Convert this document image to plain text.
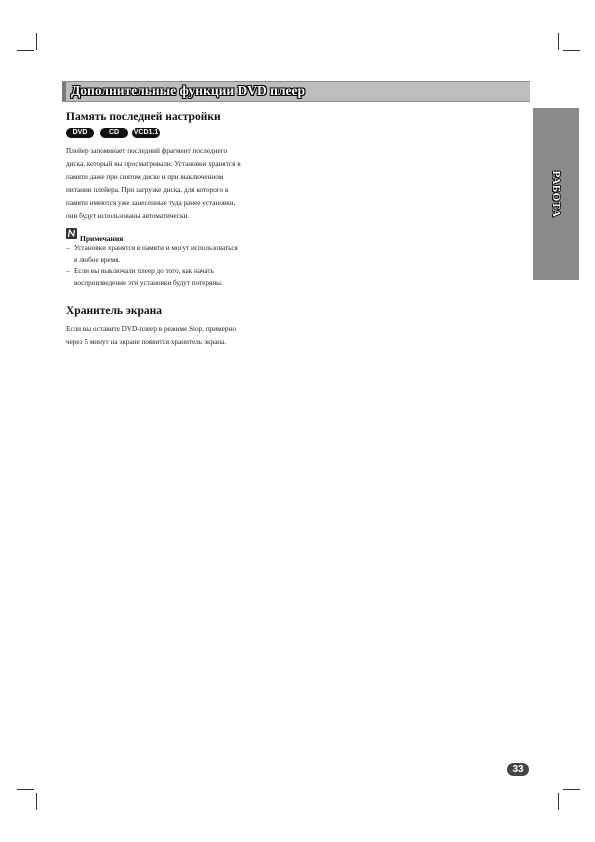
Дополнительные функции DVD плеер
РАБОТА
Память последней настройки
DVD	CD	VCD1.1
Плейер запоминает последний фрагмент последнего
диска, который вы просматривали. Установки хранятся в
памяти даже при снятом диске и при выключенном
питании плейера. При загрузке диска, для которого в
памяти имеются уже занесенные туда ранее установки,
они будут использованы автоматически.
Примечания
– Установки хранятся в памяти и могут использоваться
в любое время.
– Если вы выключали плеер до того, как начать
воспроизведение эти установки будут потеряны.
Хранитель экрана
Если вы оставите DVD-плеер в режиме Stop, примерно
через 5 минут на экране появится хранитель экрана.
33
